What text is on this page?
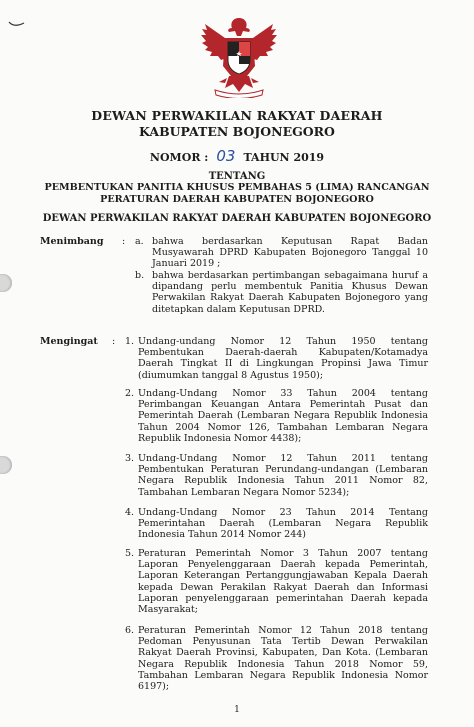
DEWAN PERWAKILAN RAKYAT DAERAH
KABUPATEN BOJONEGORO
NOMOR : 03 TAHUN 2019
TENTANG
PEMBENTUKAN PANITIA KHUSUS PEMBAHAS 5 (LIMA) RANCANGAN
PERATURAN DAERAH KABUPATEN BOJONEGORO
DEWAN PERWAKILAN RAKYAT DAERAH KABUPATEN BOJONEGORO
Menimbang : a. bahwa berdasarkan Keputusan Rapat Badan Musyawarah DPRD Kabupaten Bojonegoro Tanggal 10 Januari 2019 ;
b. bahwa berdasarkan pertimbangan sebagaimana huruf a dipandang perlu membentuk Panitia Khusus Dewan Perwakilan Rakyat Daerah Kabupaten Bojonegoro yang ditetapkan dalam Keputusan DPRD.
Mengingat : 1. Undang-undang Nomor 12 Tahun 1950 tentang Pembentukan Daerah-daerah Kabupaten/Kotamadya Daerah Tingkat II di Lingkungan Propinsi Jawa Timur (diumumkan tanggal 8 Agustus 1950);
2. Undang-Undang Nomor 33 Tahun 2004 tentang Perimbangan Keuangan Antara Pemerintah Pusat dan Pemerintah Daerah (Lembaran Negara Republik Indonesia Tahun 2004 Nomor 126, Tambahan Lembaran Negara Republik Indonesia Nomor 4438);
3. Undang-Undang Nomor 12 Tahun 2011 tentang Pembentukan Peraturan Perundang-undangan (Lembaran Negara Republik Indonesia Tahun 2011 Nomor 82, Tambahan Lembaran Negara Nomor 5234);
4. Undang-Undang Nomor 23 Tahun 2014 Tentang Pemerintahan Daerah (Lembaran Negara Republik Indonesia Tahun 2014 Nomor 244)
5. Peraturan Pemerintah Nomor 3 Tahun 2007 tentang Laporan Penyelenggaraan Daerah kepada Pemerintah, Laporan Keterangan Pertanggungjawaban Kepala Daerah kepada Dewan Perakilan Rakyat Daerah dan Informasi Laporan penyelenggaraan pemerintahan Daerah kepada Masyarakat;
6. Peraturan Pemerintah Nomor 12 Tahun 2018 tentang Pedoman Penyusunan Tata Tertib Dewan Perwakilan Rakyat Daerah Provinsi, Kabupaten, Dan Kota. (Lembaran Negara Republik Indonesia Tahun 2018 Nomor 59, Tambahan Lembaran Negara Republik Indonesia Nomor 6197);
1
